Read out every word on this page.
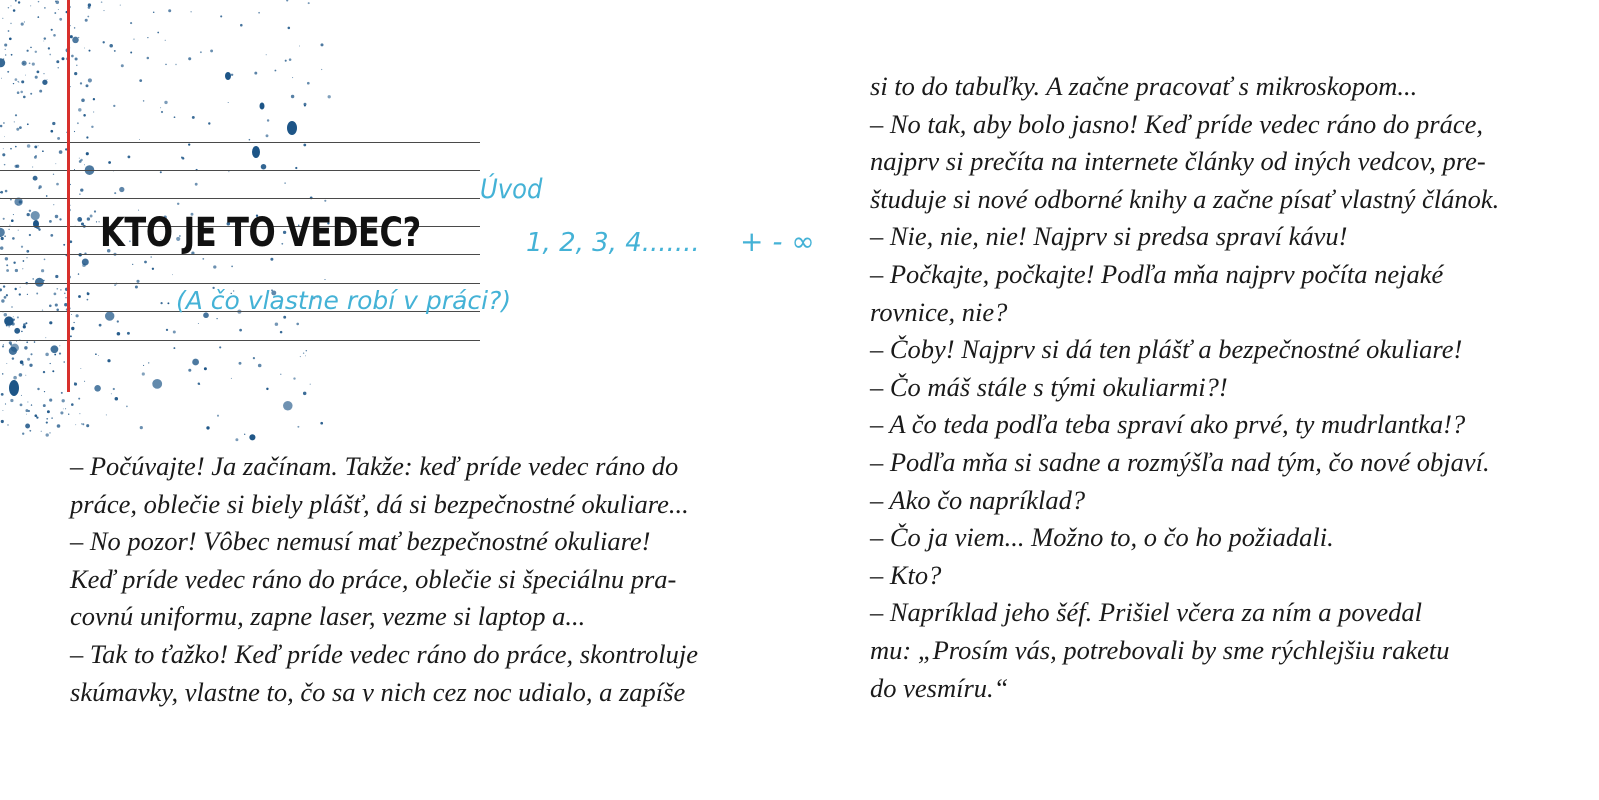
KTO JE TO VEDEC?
Úvod
1, 2, 3, 4....... + - ∞
(A čo vlastne robí v práci?)
– Počúvajte! Ja začínam. Takže: keď príde vedec ráno do
práce, oblečie si biely plášť, dá si bezpečnostné okuliare...
– No pozor! Vôbec nemusí mať bezpečnostné okuliare!
Keď príde vedec ráno do práce, oblečie si špeciálnu pra-
covnú uniformu, zapne laser, vezme si laptop a...
– Tak to ťažko! Keď príde vedec ráno do práce, skontroluje
skúmavky, vlastne to, čo sa v nich cez noc udialo, a zapíše
si to do tabuľky. A začne pracovať s mikroskopom...
– No tak, aby bolo jasno! Keď príde vedec ráno do práce,
najprv si prečíta na internete články od iných vedcov, pre-
študuje si nové odborné knihy a začne písať vlastný článok.
– Nie, nie, nie! Najprv si predsa spraví kávu!
– Počkajte, počkajte! Podľa mňa najprv počíta nejaké
rovnice, nie?
– Čoby! Najprv si dá ten plášť a bezpečnostné okuliare!
– Čo máš stále s tými okuliarmi?!
– A čo teda podľa teba spraví ako prvé, ty mudrlantka!?
– Podľa mňa si sadne a rozmýšľa nad tým, čo nové objaví.
– Ako čo napríklad?
– Čo ja viem... Možno to, o čo ho požiadali.
– Kto?
– Napríklad jeho šéf. Prišiel včera za ním a povedal
mu: „Prosím vás, potrebovali by sme rýchlejšiu raketu
do vesmíru.“
